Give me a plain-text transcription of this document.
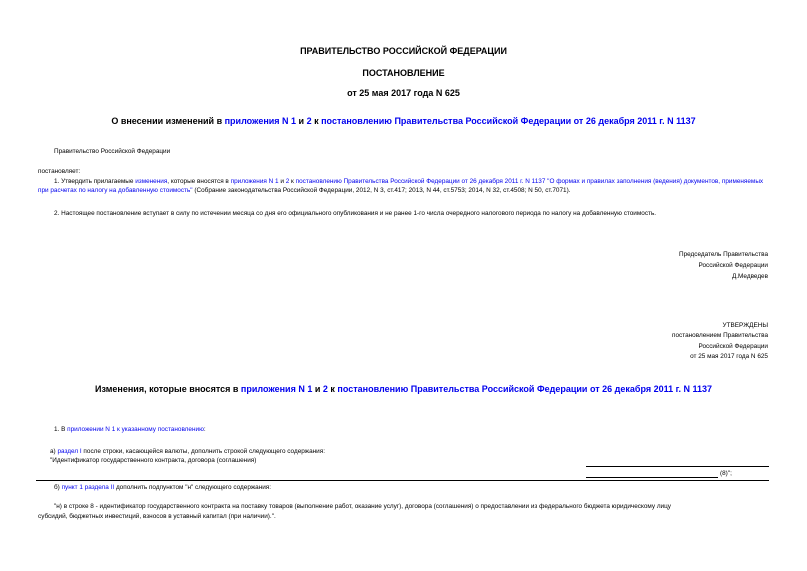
ПРАВИТЕЛЬСТВО РОССИЙСКОЙ ФЕДЕРАЦИИ
ПОСТАНОВЛЕНИЕ
от 25 мая 2017 года N 625
О внесении изменений в приложения N 1 и 2 к постановлению Правительства Российской Федерации от 26 декабря 2011 г. N 1137
Правительство Российской Федерации
постановляет:
1. Утвердить прилагаемые изменения, которые вносятся в приложения N 1 и 2 к постановлению Правительства Российской Федерации от 26 декабря 2011 г. N 1137 "О формах и правилах заполнения (ведения) документов, применяемых при расчетах по налогу на добавленную стоимость" (Собрание законодательства Российской Федерации, 2012, N 3, ст.417; 2013, N 44, ст.5753; 2014, N 32, ст.4508; N 50, ст.7071).
2. Настоящее постановление вступает в силу по истечении месяца со дня его официального опубликования и не ранее 1-го числа очередного налогового периода по налогу на добавленную стоимость.
Председатель Правительства
Российской Федерации
Д.Медведев
УТВЕРЖДЕНЫ
постановлением Правительства
Российской Федерации
от 25 мая 2017 года N 625
Изменения, которые вносятся в приложения N 1 и 2 к постановлению Правительства Российской Федерации от 26 декабря 2011 г. N 1137
1. В приложении N 1 к указанному постановлению:
а) раздел I после строки, касающейся валюты, дополнить строкой следующего содержания:
"Идентификатор государственного контракта, договора (соглашения)
(8)";
б) пункт 1 раздела II дополнить подпунктом "н" следующего содержания:
"н) в строке 8 - идентификатор государственного контракта на поставку товаров (выполнение работ, оказание услуг), договора (соглашения) о предоставлении из федерального бюджета юридическому лицу
субсидий, бюджетных инвестиций, взносов в уставный капитал (при наличии).".
